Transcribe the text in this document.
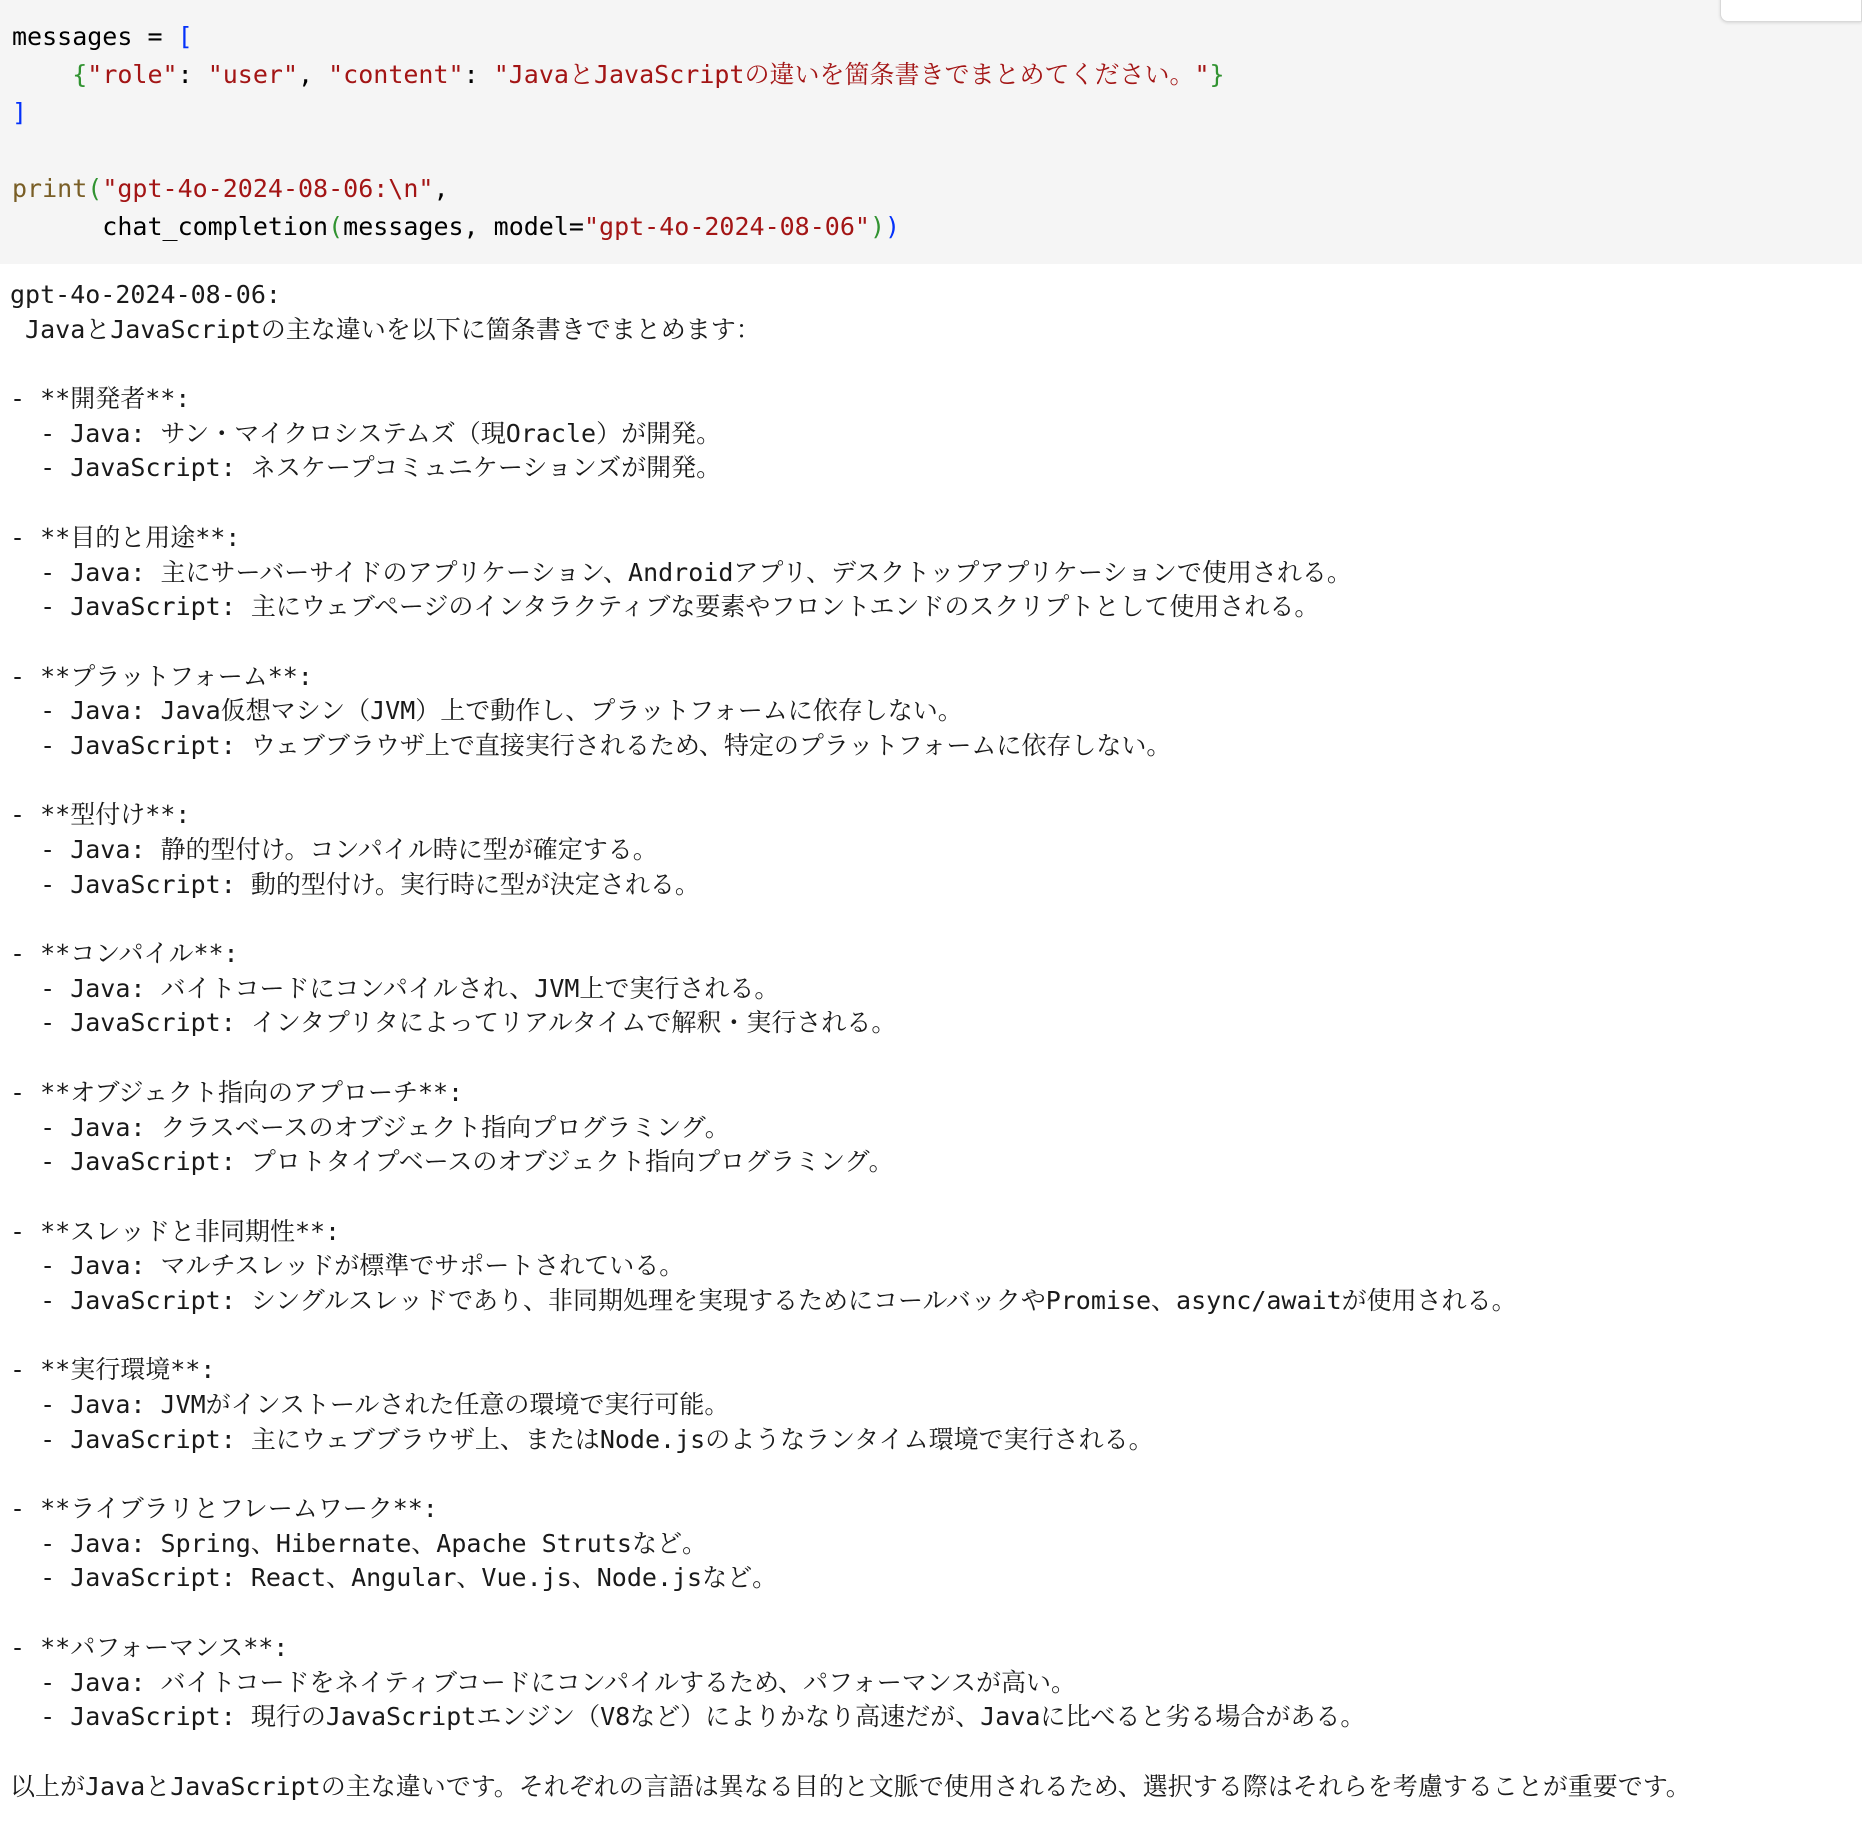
messages = [
{"role": "user", "content": "JavaとJavaScriptの違いを箇条書きでまとめてください。"}
]
print("gpt-4o-2024-08-06:\n",
chat_completion(messages, model="gpt-4o-2024-08-06"))
gpt-4o-2024-08-06:
JavaとJavaScriptの主な違いを以下に箇条書きでまとめます：
- **開発者**:
- Java: サン・マイクロシステムズ（現Oracle）が開発。
- JavaScript: ネスケープコミュニケーションズが開発。
- **目的と用途**:
- Java: 主にサーバーサイドのアプリケーション、Androidアプリ、デスクトップアプリケーションで使用される。
- JavaScript: 主にウェブページのインタラクティブな要素やフロントエンドのスクリプトとして使用される。
- **プラットフォーム**:
- Java: Java仮想マシン（JVM）上で動作し、プラットフォームに依存しない。
- JavaScript: ウェブブラウザ上で直接実行されるため、特定のプラットフォームに依存しない。
- **型付け**:
- Java: 静的型付け。コンパイル時に型が確定する。
- JavaScript: 動的型付け。実行時に型が決定される。
- **コンパイル**:
- Java: バイトコードにコンパイルされ、JVM上で実行される。
- JavaScript: インタプリタによってリアルタイムで解釈・実行される。
- **オブジェクト指向のアプローチ**:
- Java: クラスベースのオブジェクト指向プログラミング。
- JavaScript: プロトタイプベースのオブジェクト指向プログラミング。
- **スレッドと非同期性**:
- Java: マルチスレッドが標準でサポートされている。
- JavaScript: シングルスレッドであり、非同期処理を実現するためにコールバックやPromise、async/awaitが使用される。
- **実行環境**:
- Java: JVMがインストールされた任意の環境で実行可能。
- JavaScript: 主にウェブブラウザ上、またはNode.jsのようなランタイム環境で実行される。
- **ライブラリとフレームワーク**:
- Java: Spring、Hibernate、Apache Strutsなど。
- JavaScript: React、Angular、Vue.js、Node.jsなど。
- **パフォーマンス**:
- Java: バイトコードをネイティブコードにコンパイルするため、パフォーマンスが高い。
- JavaScript: 現行のJavaScriptエンジン（V8など）によりかなり高速だが、Javaに比べると劣る場合がある。
以上がJavaとJavaScriptの主な違いです。それぞれの言語は異なる目的と文脈で使用されるため、選択する際はそれらを考慮することが重要です。
